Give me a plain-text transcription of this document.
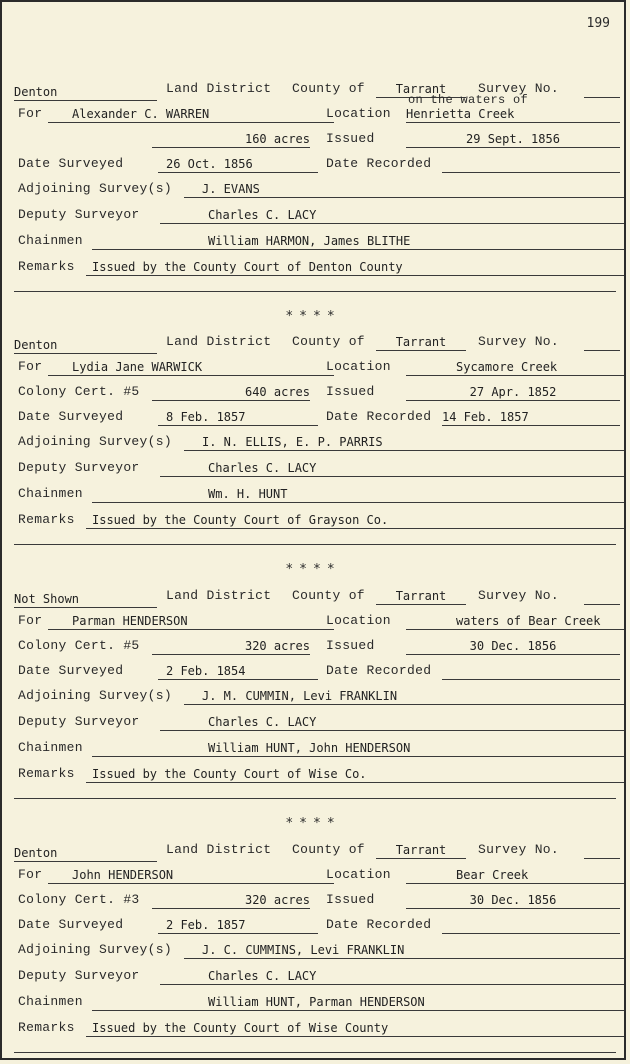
199
Denton	Land District County of	Tarrant	Survey No.
For	Alexander C. WARREN	Location
on the waters of
Henrietta Creek
160 acres Issued	29 Sept. 1856
Date Surveyed	26 Oct. 1856	Date Recorded
Adjoining Survey(s)	J. EVANS
Deputy Surveyor	Charles C. LACY
Chainmen	William HARMON, James BLITHE
Remarks	Issued by the County Court of Denton County
****
Denton	Land District County of	Tarrant	Survey No.
For	Lydia Jane WARWICK	Location	Sycamore Creek
Colony Cert. #5	640 acres Issued	27 Apr. 1852
Date Surveyed	8 Feb. 1857	Date Recorded 14 Feb. 1857
Adjoining Survey(s)	I. N. ELLIS, E. P. PARRIS
Deputy Surveyor	Charles C. LACY
Chainmen	Wm. H. HUNT
Remarks	Issued by the County Court of Grayson Co.
****
Not Shown	Land District County of	Tarrant	Survey No.
For	Parman HENDERSON	Location	waters of Bear Creek
Colony Cert. #5	320 acres Issued	30 Dec. 1856
Date Surveyed	2 Feb. 1854	Date Recorded
Adjoining Survey(s)	J. M. CUMMIN, Levi FRANKLIN
Deputy Surveyor	Charles C. LACY
Chainmen	William HUNT, John HENDERSON
Remarks	Issued by the County Court of Wise Co.
****
Denton	Land District County of	Tarrant	Survey No.
For	John HENDERSON	Location	Bear Creek
Colony Cert. #3	320 acres Issued	30 Dec. 1856
Date Surveyed	2 Feb. 1857	Date Recorded
Adjoining Survey(s)	J. C. CUMMINS, Levi FRANKLIN
Deputy Surveyor	Charles C. LACY
Chainmen	William HUNT, Parman HENDERSON
Remarks	Issued by the County Court of Wise County
